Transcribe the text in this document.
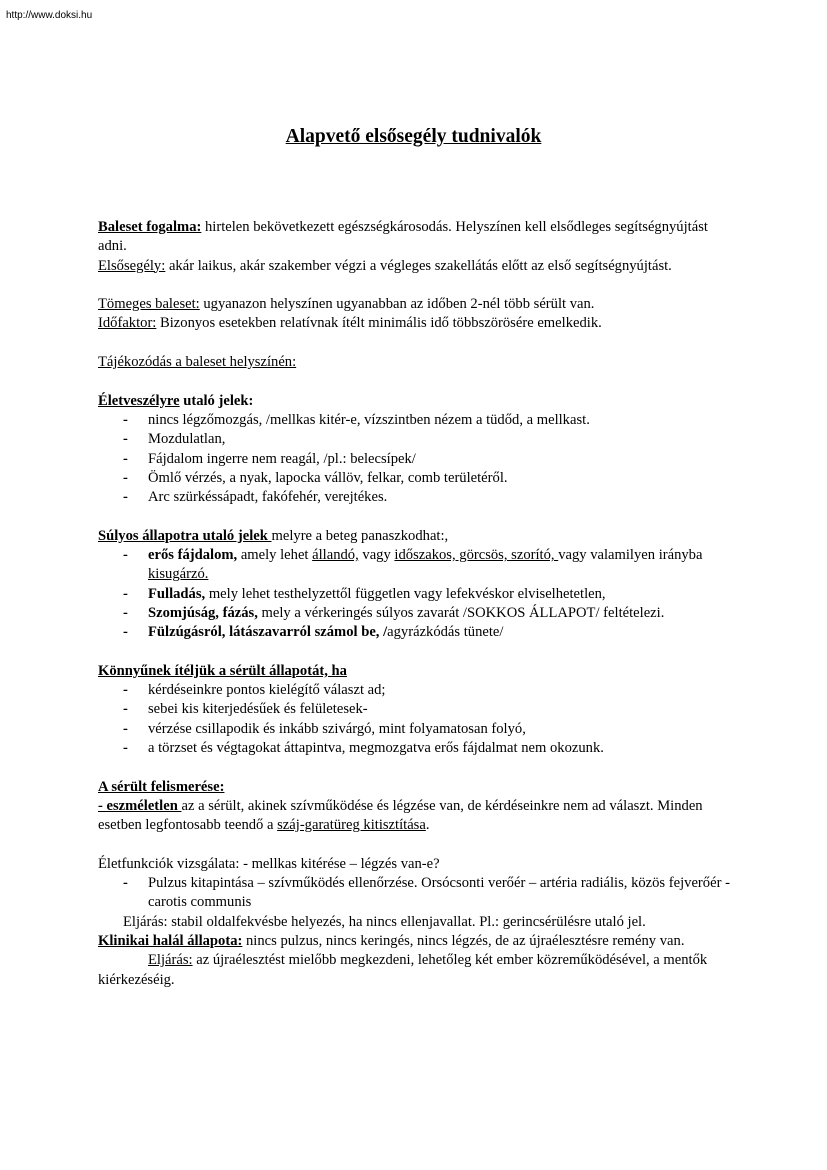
http://www.doksi.hu
Alapvető elsősegély tudnivalók
Baleset fogalma: hirtelen bekövetkezett egészségkárosodás. Helyszínen kell elsődleges segítségnyújtást adni.
Elsősegély: akár laikus, akár szakember végzi a végleges szakellátás előtt az első segítségnyújtást.
Tömeges baleset: ugyanazon helyszínen ugyanabban az időben 2-nél több sérült van.
Időfaktor: Bizonyos esetekben relatívnak ítélt minimális idő többszörösére emelkedik.
Tájékozódás a baleset helyszínén:
Életveszélyre utaló jelek:
- nincs légzőmozgás, /mellkas kitér-e, vízszintben nézem a tüdőd, a mellkast.
- Mozdulatlan,
- Fájdalom ingerre nem reagál, /pl.: belecsípek/
- Ömlő vérzés, a nyak, lapocka vállöv, felkar, comb területéről.
- Arc szürkéssápadt, fakófehér, verejtékes.
Súlyos állapotra utaló jelek melyre a beteg panaszkodhat:,
- erős fájdalom, amely lehet állandó, vagy időszakos, görcsös, szorító, vagy valamilyen irányba kisugárzó.
- Fulladás, mely lehet testhelyzettől független vagy lefekvéskor elviselhetetlen,
- Szomjúság, fázás, mely a vérkeringés súlyos zavarát /SOKKOS ÁLLAPOT/ feltételezi.
- Fülzúgásról, látászavarról számol be, /agyrázkódás tünete/
Könnyűnek ítéljük a sérült állapotát, ha
- kérdéseinkre pontos kielégítő választ ad;
- sebei kis kiterjedésűek és felületesek-
- vérzése csillapodik és inkább szivárgó, mint folyamatosan folyó,
- a törzset és végtagokat áttapintva, megmozgatva erős fájdalmat nem okozunk.
A sérült felismerése:
- eszméletlen az a sérült, akinek szívműködése és légzése van, de kérdéseinkre nem ad választ. Minden esetben legfontosabb teendő a száj-garatüreg kitisztítása.
Életfunkciók vizsgálata: - mellkas kitérése – légzés van-e?
- Pulzus kitapintása – szívműködés ellenőrzése. Orsócsonti verőér – artéria radiális, közös fejverőér - carotis communis
Eljárás: stabil oldalfekvésbe helyezés, ha nincs ellenjavallat. Pl.: gerincsérülésre utaló jel.
Klinikai halál állapota: nincs pulzus, nincs keringés, nincs légzés, de az újraélesztésre remény van.
Eljárás: az újraélesztést mielőbb megkezdeni, lehetőleg két ember közreműködésével, a mentők kiérkezéséig.
